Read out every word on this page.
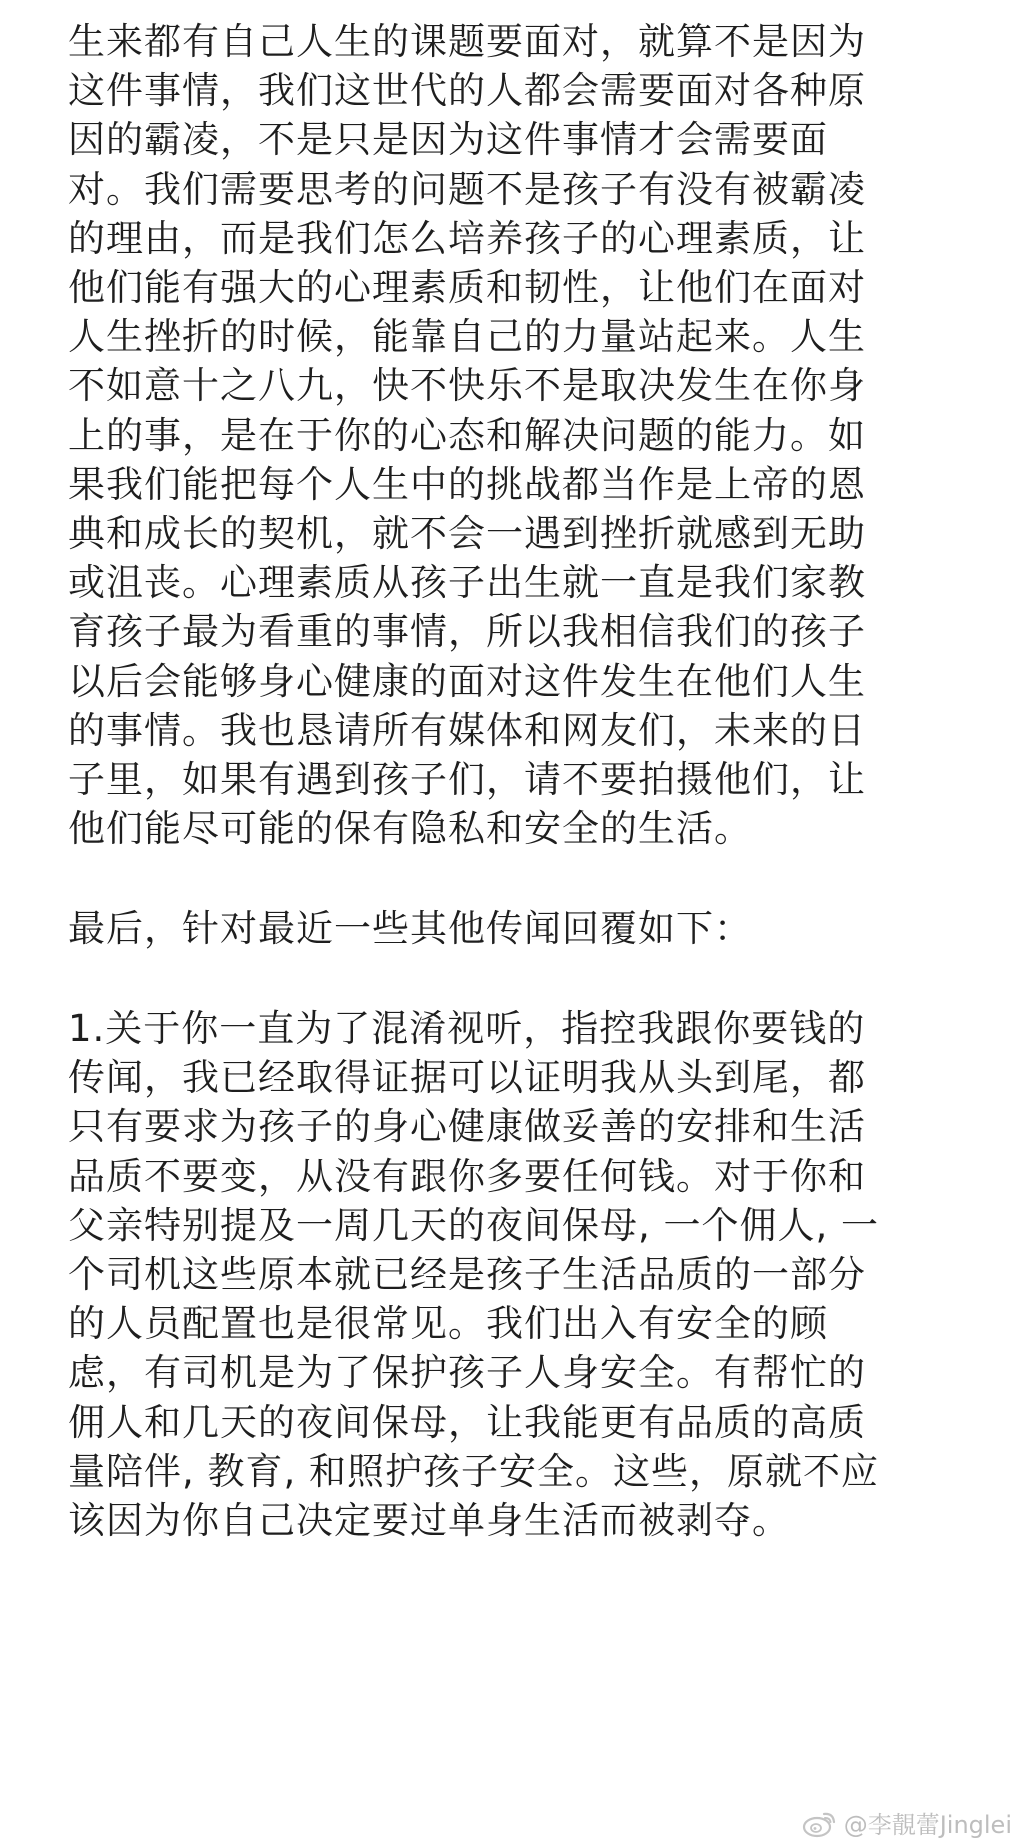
生来都有自己人生的课题要面对，就算不是因为
这件事情，我们这世代的人都会需要面对各种原
因的霸凌，不是只是因为这件事情才会需要面
对。我们需要思考的问题不是孩子有没有被霸凌
的理由，而是我们怎么培养孩子的心理素质，让
他们能有强大的心理素质和韧性，让他们在面对
人生挫折的时候，能靠自己的力量站起来。人生
不如意十之八九，快不快乐不是取决发生在你身
上的事，是在于你的心态和解决问题的能力。如
果我们能把每个人生中的挑战都当作是上帝的恩
典和成长的契机，就不会一遇到挫折就感到无助
或沮丧。心理素质从孩子出生就一直是我们家教
育孩子最为看重的事情，所以我相信我们的孩子
以后会能够身心健康的面对这件发生在他们人生
的事情。我也恳请所有媒体和网友们，未来的日
子里，如果有遇到孩子们，请不要拍摄他们，让
他们能尽可能的保有隐私和安全的生活。
最后，针对最近一些其他传闻回覆如下：
1.关于你一直为了混淆视听，指控我跟你要钱的
传闻，我已经取得证据可以证明我从头到尾，都
只有要求为孩子的身心健康做妥善的安排和生活
品质不要变，从没有跟你多要任何钱。对于你和
父亲特别提及一周几天的夜间保母, 一个佣人, 一
个司机这些原本就已经是孩子生活品质的一部分
的人员配置也是很常见。我们出入有安全的顾
虑，有司机是为了保护孩子人身安全。有帮忙的
佣人和几天的夜间保母，让我能更有品质的高质
量陪伴, 教育, 和照护孩子安全。这些，原就不应
该因为你自己决定要过单身生活而被剥夺。
@李靚蕾Jinglei
